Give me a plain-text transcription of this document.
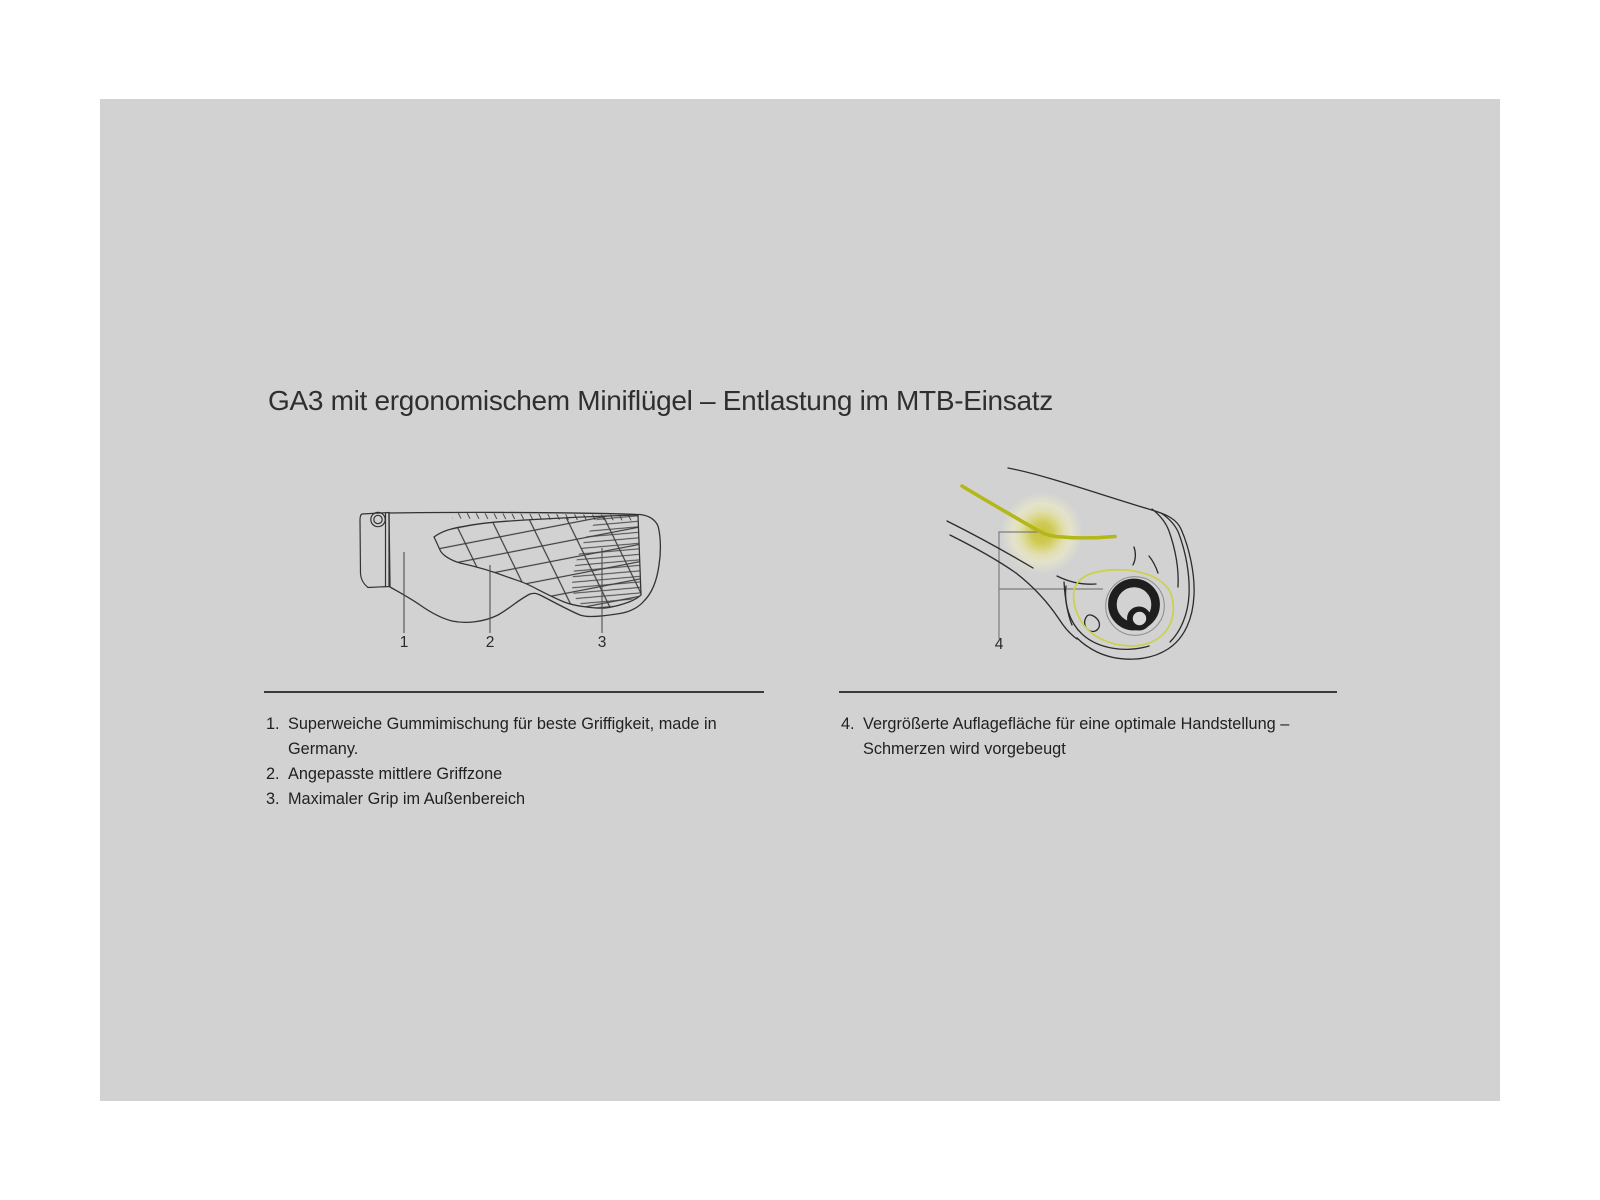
GA3 mit ergonomischem Miniflügel – Entlastung im MTB-Einsatz
1	2	3	4
1. Superweiche Gummimischung für beste Griffigkeit, made in
Germany.
2. Angepasste mittlere Griffzone
3. Maximaler Grip im Außenbereich
4. Vergrößerte Auflagefläche für eine optimale Handstellung –
Schmerzen wird vorgebeugt
